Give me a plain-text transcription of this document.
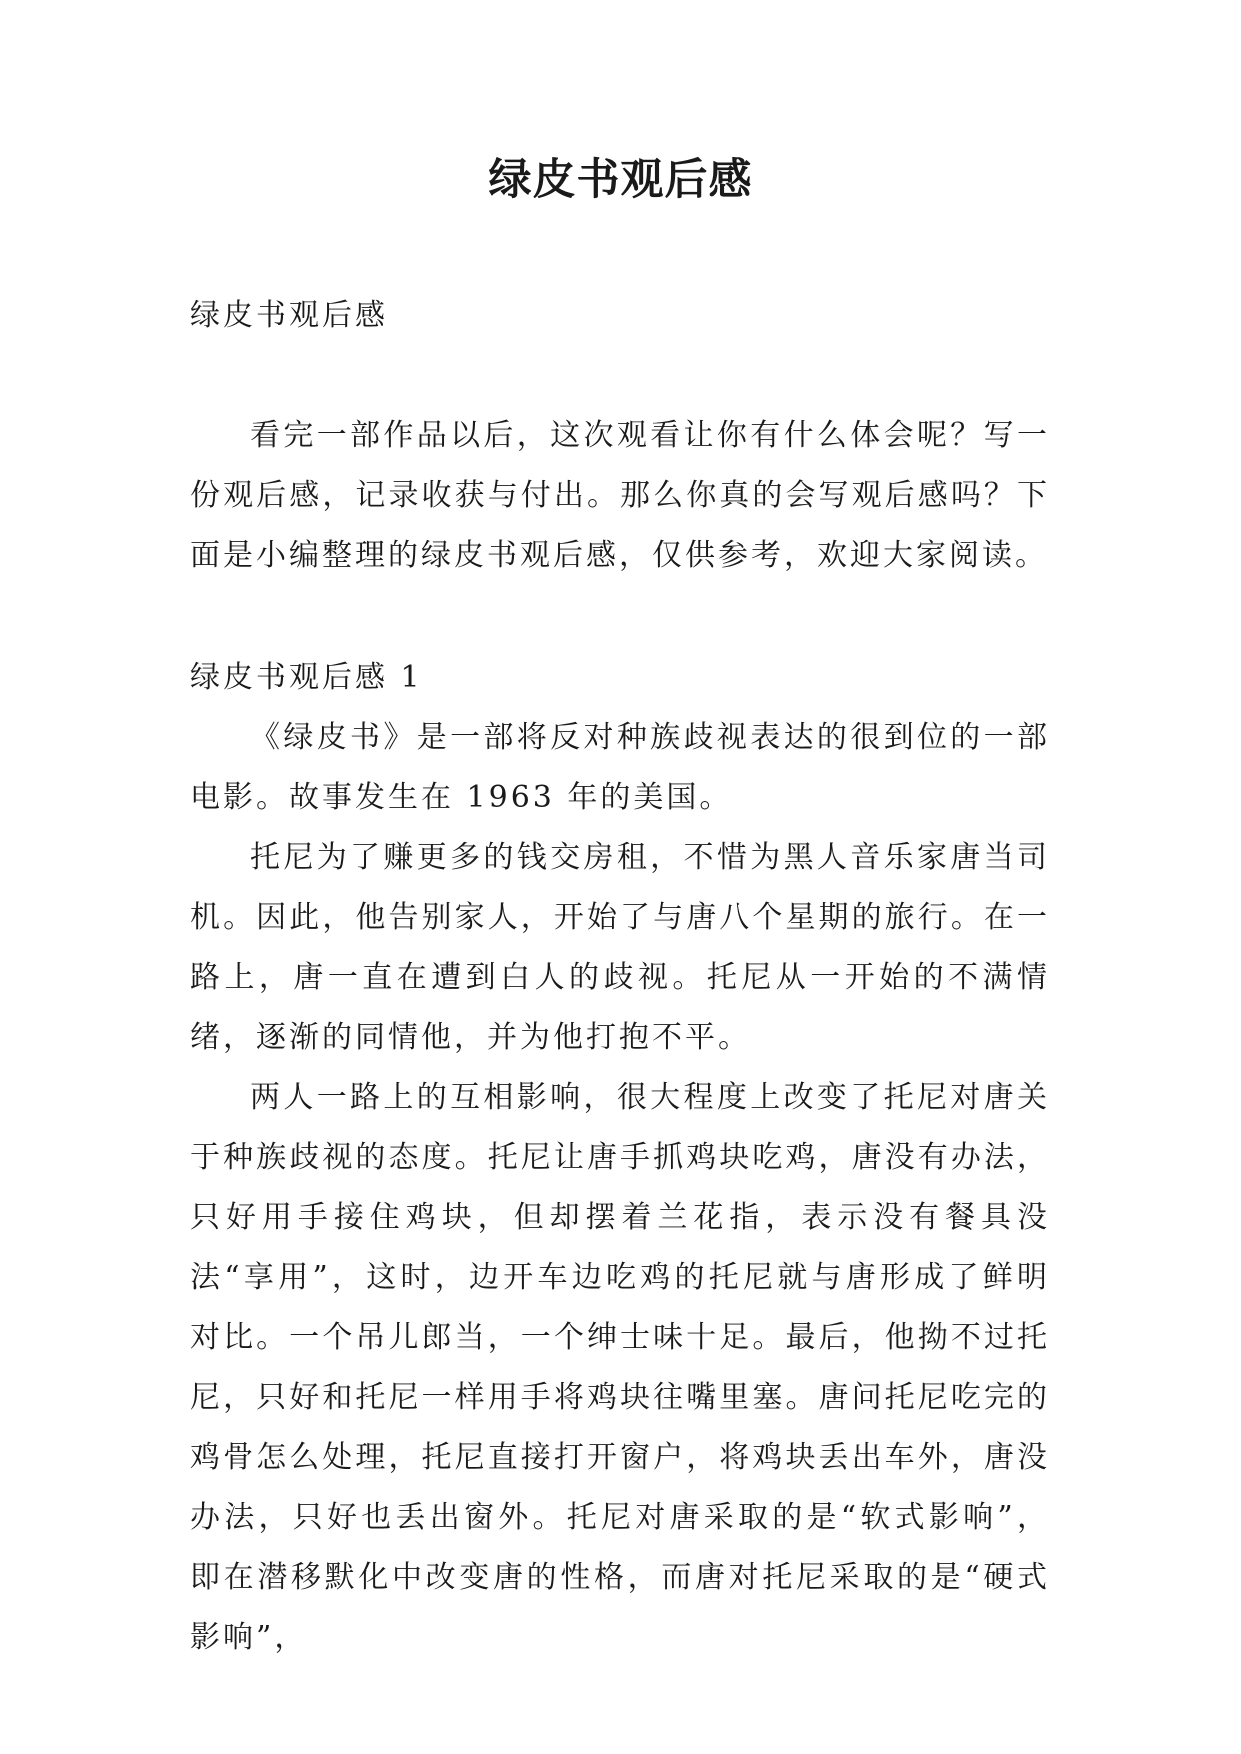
绿皮书观后感

绿皮书观后感

看完一部作品以后，这次观看让你有什么体会呢？写一份观后感，记录收获与付出。那么你真的会写观后感吗？下面是小编整理的绿皮书观后感，仅供参考，欢迎大家阅读。

绿皮书观后感 1

《绿皮书》是一部将反对种族歧视表达的很到位的一部电影。故事发生在 1963 年的美国。

托尼为了赚更多的钱交房租，不惜为黑人音乐家唐当司机。因此，他告别家人，开始了与唐八个星期的旅行。在一路上，唐一直在遭到白人的歧视。托尼从一开始的不满情绪，逐渐的同情他，并为他打抱不平。

两人一路上的互相影响，很大程度上改变了托尼对唐关于种族歧视的态度。托尼让唐手抓鸡块吃鸡，唐没有办法，只好用手接住鸡块，但却摆着兰花指，表示没有餐具没法“享用”，这时，边开车边吃鸡的托尼就与唐形成了鲜明对比。一个吊儿郎当，一个绅士味十足。最后，他拗不过托尼，只好和托尼一样用手将鸡块往嘴里塞。唐问托尼吃完的鸡骨怎么处理，托尼直接打开窗户，将鸡块丢出车外，唐没办法，只好也丢出窗外。托尼对唐采取的是“软式影响”，即在潜移默化中改变唐的性格，而唐对托尼采取的是“硬式影响”，
